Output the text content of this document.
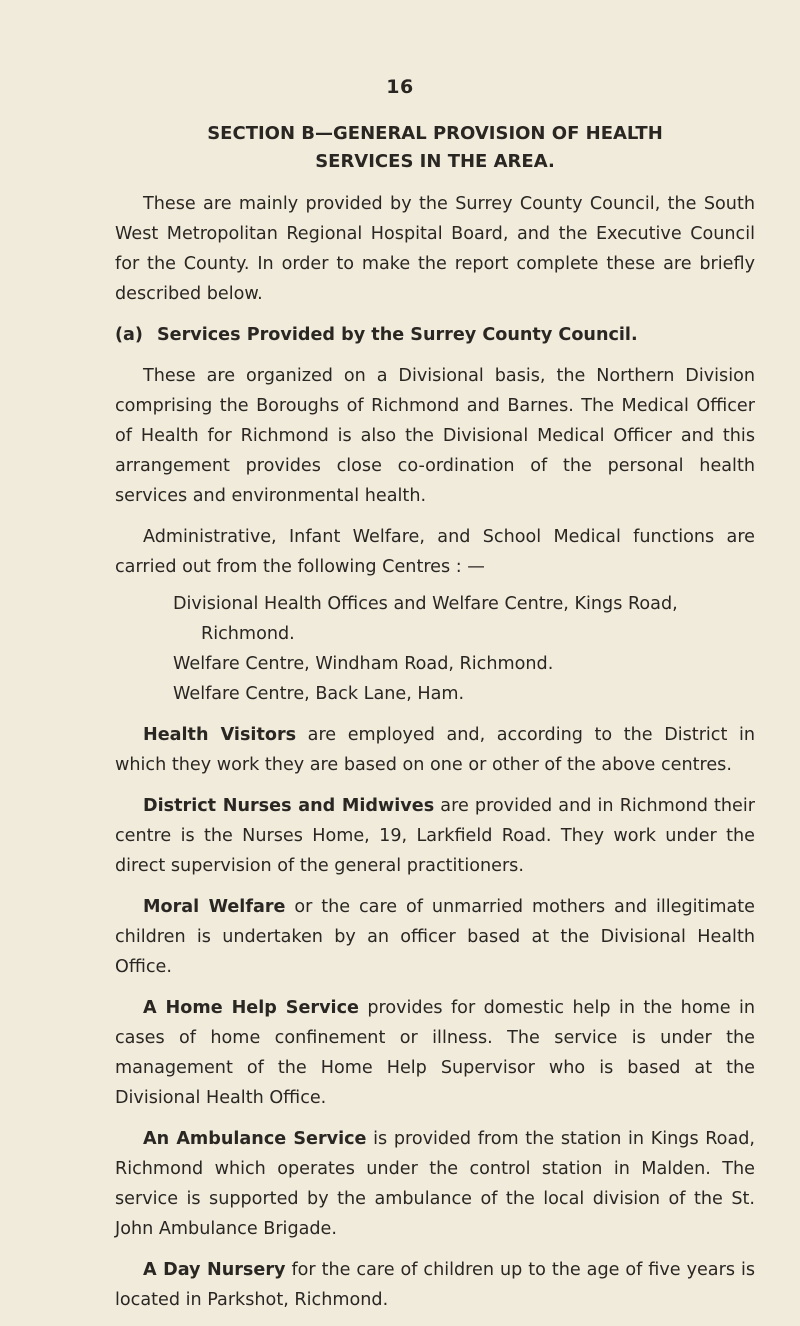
16
SECTION B—GENERAL PROVISION OF HEALTH
SERVICES IN THE AREA.

These are mainly provided by the Surrey County Council, the South West Metropolitan Regional Hospital Board, and the Executive Council for the County. In order to make the report complete these are briefly described below.

(a) Services Provided by the Surrey County Council.

These are organized on a Divisional basis, the Northern Division comprising the Boroughs of Richmond and Barnes. The Medical Officer of Health for Richmond is also the Divisional Medical Officer and this arrangement provides close co-ordination of the personal health services and environmental health.

Administrative, Infant Welfare, and School Medical functions are carried out from the following Centres : —

Divisional Health Offices and Welfare Centre, Kings Road,
Richmond.
Welfare Centre, Windham Road, Richmond.
Welfare Centre, Back Lane, Ham.

Health Visitors are employed and, according to the District in which they work they are based on one or other of the above centres.

District Nurses and Midwives are provided and in Richmond their centre is the Nurses Home, 19, Larkfield Road. They work under the direct supervision of the general practitioners.

Moral Welfare or the care of unmarried mothers and illegitimate children is undertaken by an officer based at the Divisional Health Office.

A Home Help Service provides for domestic help in the home in cases of home confinement or illness. The service is under the management of the Home Help Supervisor who is based at the Divisional Health Office.

An Ambulance Service is provided from the station in Kings Road, Richmond which operates under the control station in Malden. The service is supported by the ambulance of the local division of the St. John Ambulance Brigade.

A Day Nursery for the care of children up to the age of five years is located in Parkshot, Richmond.
